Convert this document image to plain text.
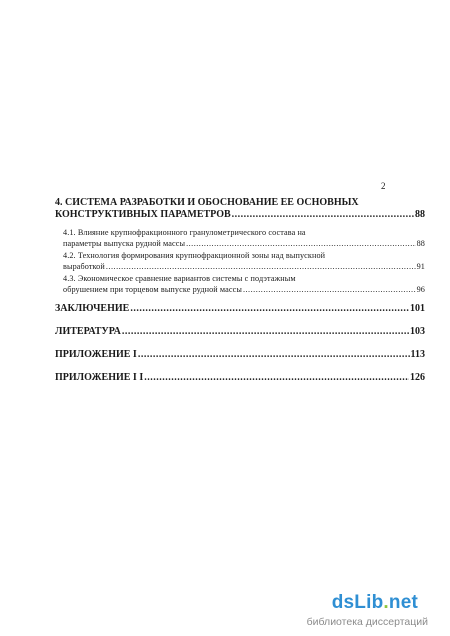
2
4. СИСТЕМА РАЗРАБОТКИ И ОБОСНОВАНИЕ ЕЕ ОСНОВНЫХ
КОНСТРУКТИВНЫХ ПАРАМЕТРОВ .....	88
4.1. Влияние крупнофракционного гранулометрического состава на
параметры выпуска рудной массы .....	88
4.2. Технология формирования крупнофракционной зоны над выпускной
выработкой .....	91
4.3. Экономическое сравнение вариантов системы с подэтажным
обрушением при торцевом выпуске рудной массы .....	96
ЗАКЛЮЧЕНИЕ .....	101
ЛИТЕРАТУРА .....	103
ПРИЛОЖЕНИЕ I .....	113
ПРИЛОЖЕНИЕ I I .....	126
dsLib.net
библиотека диссертаций
